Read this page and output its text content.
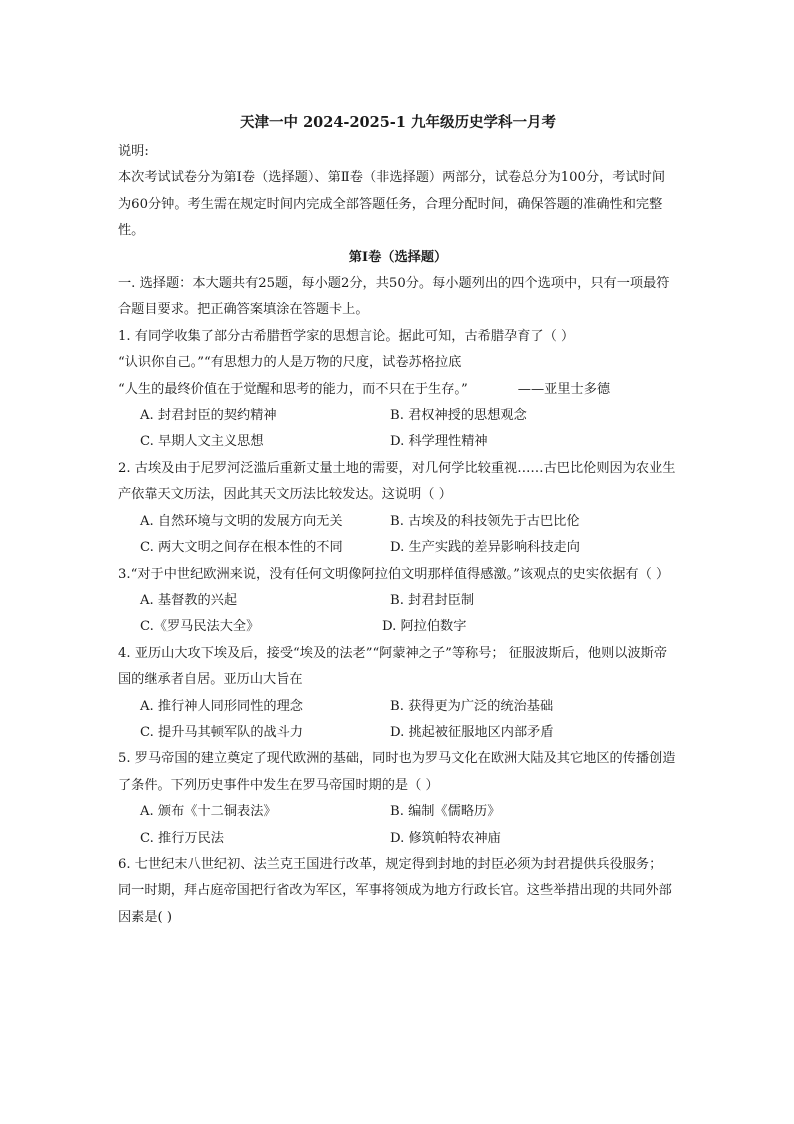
天津一中 2024-2025-1 九年级历史学科一月考
说明:
本次考试试卷分为第Ⅰ卷（选择题）、第Ⅱ卷（非选择题）两部分，试卷总分为100分，考试时间为60分钟。考生需在规定时间内完成全部答题任务，合理分配时间，确保答题的准确性和完整性。
第Ⅰ卷（选择题）
一. 选择题：本大题共有25题，每小题2分，共50分。每小题列出的四个选项中，只有一项最符合题目要求。把正确答案填涂在答题卡上。
1. 有同学收集了部分古希腊哲学家的思想言论。据此可知，古希腊孕育了（ ）
“认识你自己。”“有思想力的人是万物的尺度，试卷苏格拉底
“人生的最终价值在于觉醒和思考的能力，而不只在于生存。”	——亚里士多德
A. 封君封臣的契约精神	B. 君权神授的思想观念
C. 早期人文主义思想	D. 科学理性精神
2. 古埃及由于尼罗河泛滥后重新丈量土地的需要，对几何学比较重视……古巴比伦则因为农业生产依靠天文历法，因此其天文历法比较发达。这说明（ ）
A. 自然环境与文明的发展方向无关	B. 古埃及的科技领先于古巴比伦
C. 两大文明之间存在根本性的不同	D. 生产实践的差异影响科技走向
3.“对于中世纪欧洲来说，没有任何文明像阿拉伯文明那样值得感激。”该观点的史实依据有（ ）
A. 基督教的兴起	B. 封君封臣制
C.《罗马民法大全》	D. 阿拉伯数字
4. 亚历山大攻下埃及后，接受“埃及的法老”“阿蒙神之子”等称号； 征服波斯后，他则以波斯帝国的继承者自居。亚历山大旨在
A. 推行神人同形同性的理念	B. 获得更为广泛的统治基础
C. 提升马其顿军队的战斗力	D. 挑起被征服地区内部矛盾
5. 罗马帝国的建立奠定了现代欧洲的基础，同时也为罗马文化在欧洲大陆及其它地区的传播创造了条件。下列历史事件中发生在罗马帝国时期的是（ ）
A. 颁布《十二铜表法》	B. 编制《儒略历》
C. 推行万民法	D. 修筑帕特农神庙
6. 七世纪末八世纪初、法兰克王国进行改革，规定得到封地的封臣必须为封君提供兵役服务； 同一时期，拜占庭帝国把行省改为军区，军事将领成为地方行政长官。这些举措出现的共同外部因素是( )
